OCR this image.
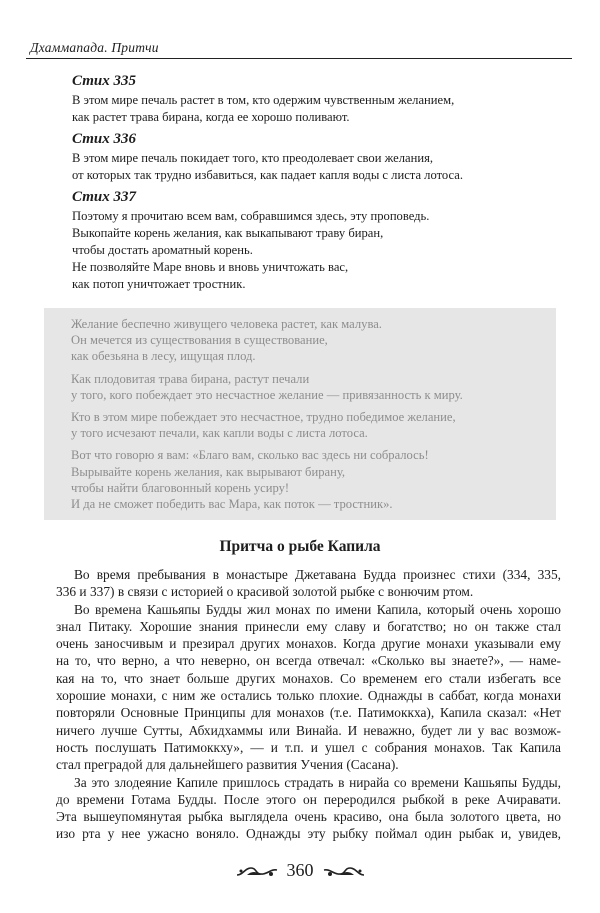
Дхаммапада. Притчи
Стих 335
В этом мире печаль растет в том, кто одержим чувственным желанием,
как растет трава бирана, когда ее хорошо поливают.
Стих 336
В этом мире печаль покидает того, кто преодолевает свои желания,
от которых так трудно избавиться, как падает капля воды с листа лотоса.
Стих 337
Поэтому я прочитаю всем вам, собравшимся здесь, эту проповедь.
Выкопайте корень желания, как выкапывают траву биран,
чтобы достать ароматный корень.
Не позволяйте Маре вновь и вновь уничтожать вас,
как потоп уничтожает тростник.
Желание беспечно живущего человека растет, как малува.
Он мечется из существования в существование,
как обезьяна в лесу, ищущая плод.
Как плодовитая трава бирана, растут печали
у того, кого побеждает это несчастное желание — привязанность к миру.
Кто в этом мире побеждает это несчастное, трудно победимое желание,
у того исчезают печали, как капли воды с листа лотоса.
Вот что говорю я вам: «Благо вам, сколько вас здесь ни собралось!
Вырывайте корень желания, как вырывают бирану,
чтобы найти благовонный корень усиру!
И да не сможет победить вас Мара, как поток — тростник».
Притча о рыбе Капила
Во время пребывания в монастыре Джетавана Будда произнес стихи (334, 335,
336 и 337) в связи с историей о красивой золотой рыбке с вонючим ртом.
Во времена Кашьяпы Будды жил монах по имени Капила, который очень хорошо
знал Питаку. Хорошие знания принесли ему славу и богатство; но он также стал
очень заносчивым и презирал других монахов. Когда другие монахи указывали ему
на то, что верно, а что неверно, он всегда отвечал: «Сколько вы знаете?», — наме-
кая на то, что знает больше других монахов. Со временем его стали избегать все
хорошие монахи, с ним же остались только плохие. Однажды в саббат, когда монахи
повторяли Основные Принципы для монахов (т.е. Патимоккха), Капила сказал: «Нет
ничего лучше Сутты, Абхидхаммы или Винайа. И неважно, будет ли у вас возмож-
ность послушать Патимоккху», — и т.п. и ушел с собрания монахов. Так Капила
стал преградой для дальнейшего развития Учения (Сасана).
За это злодеяние Капиле пришлось страдать в нирайа со времени Кашьяпы Будды,
до времени Готама Будды. После этого он переродился рыбкой в реке Ачиравати.
Эта вышеупомянутая рыбка выглядела очень красиво, она была золотого цвета, но
изо рта у нее ужасно воняло. Однажды эту рыбку поймал один рыбак и, увидев,
360
